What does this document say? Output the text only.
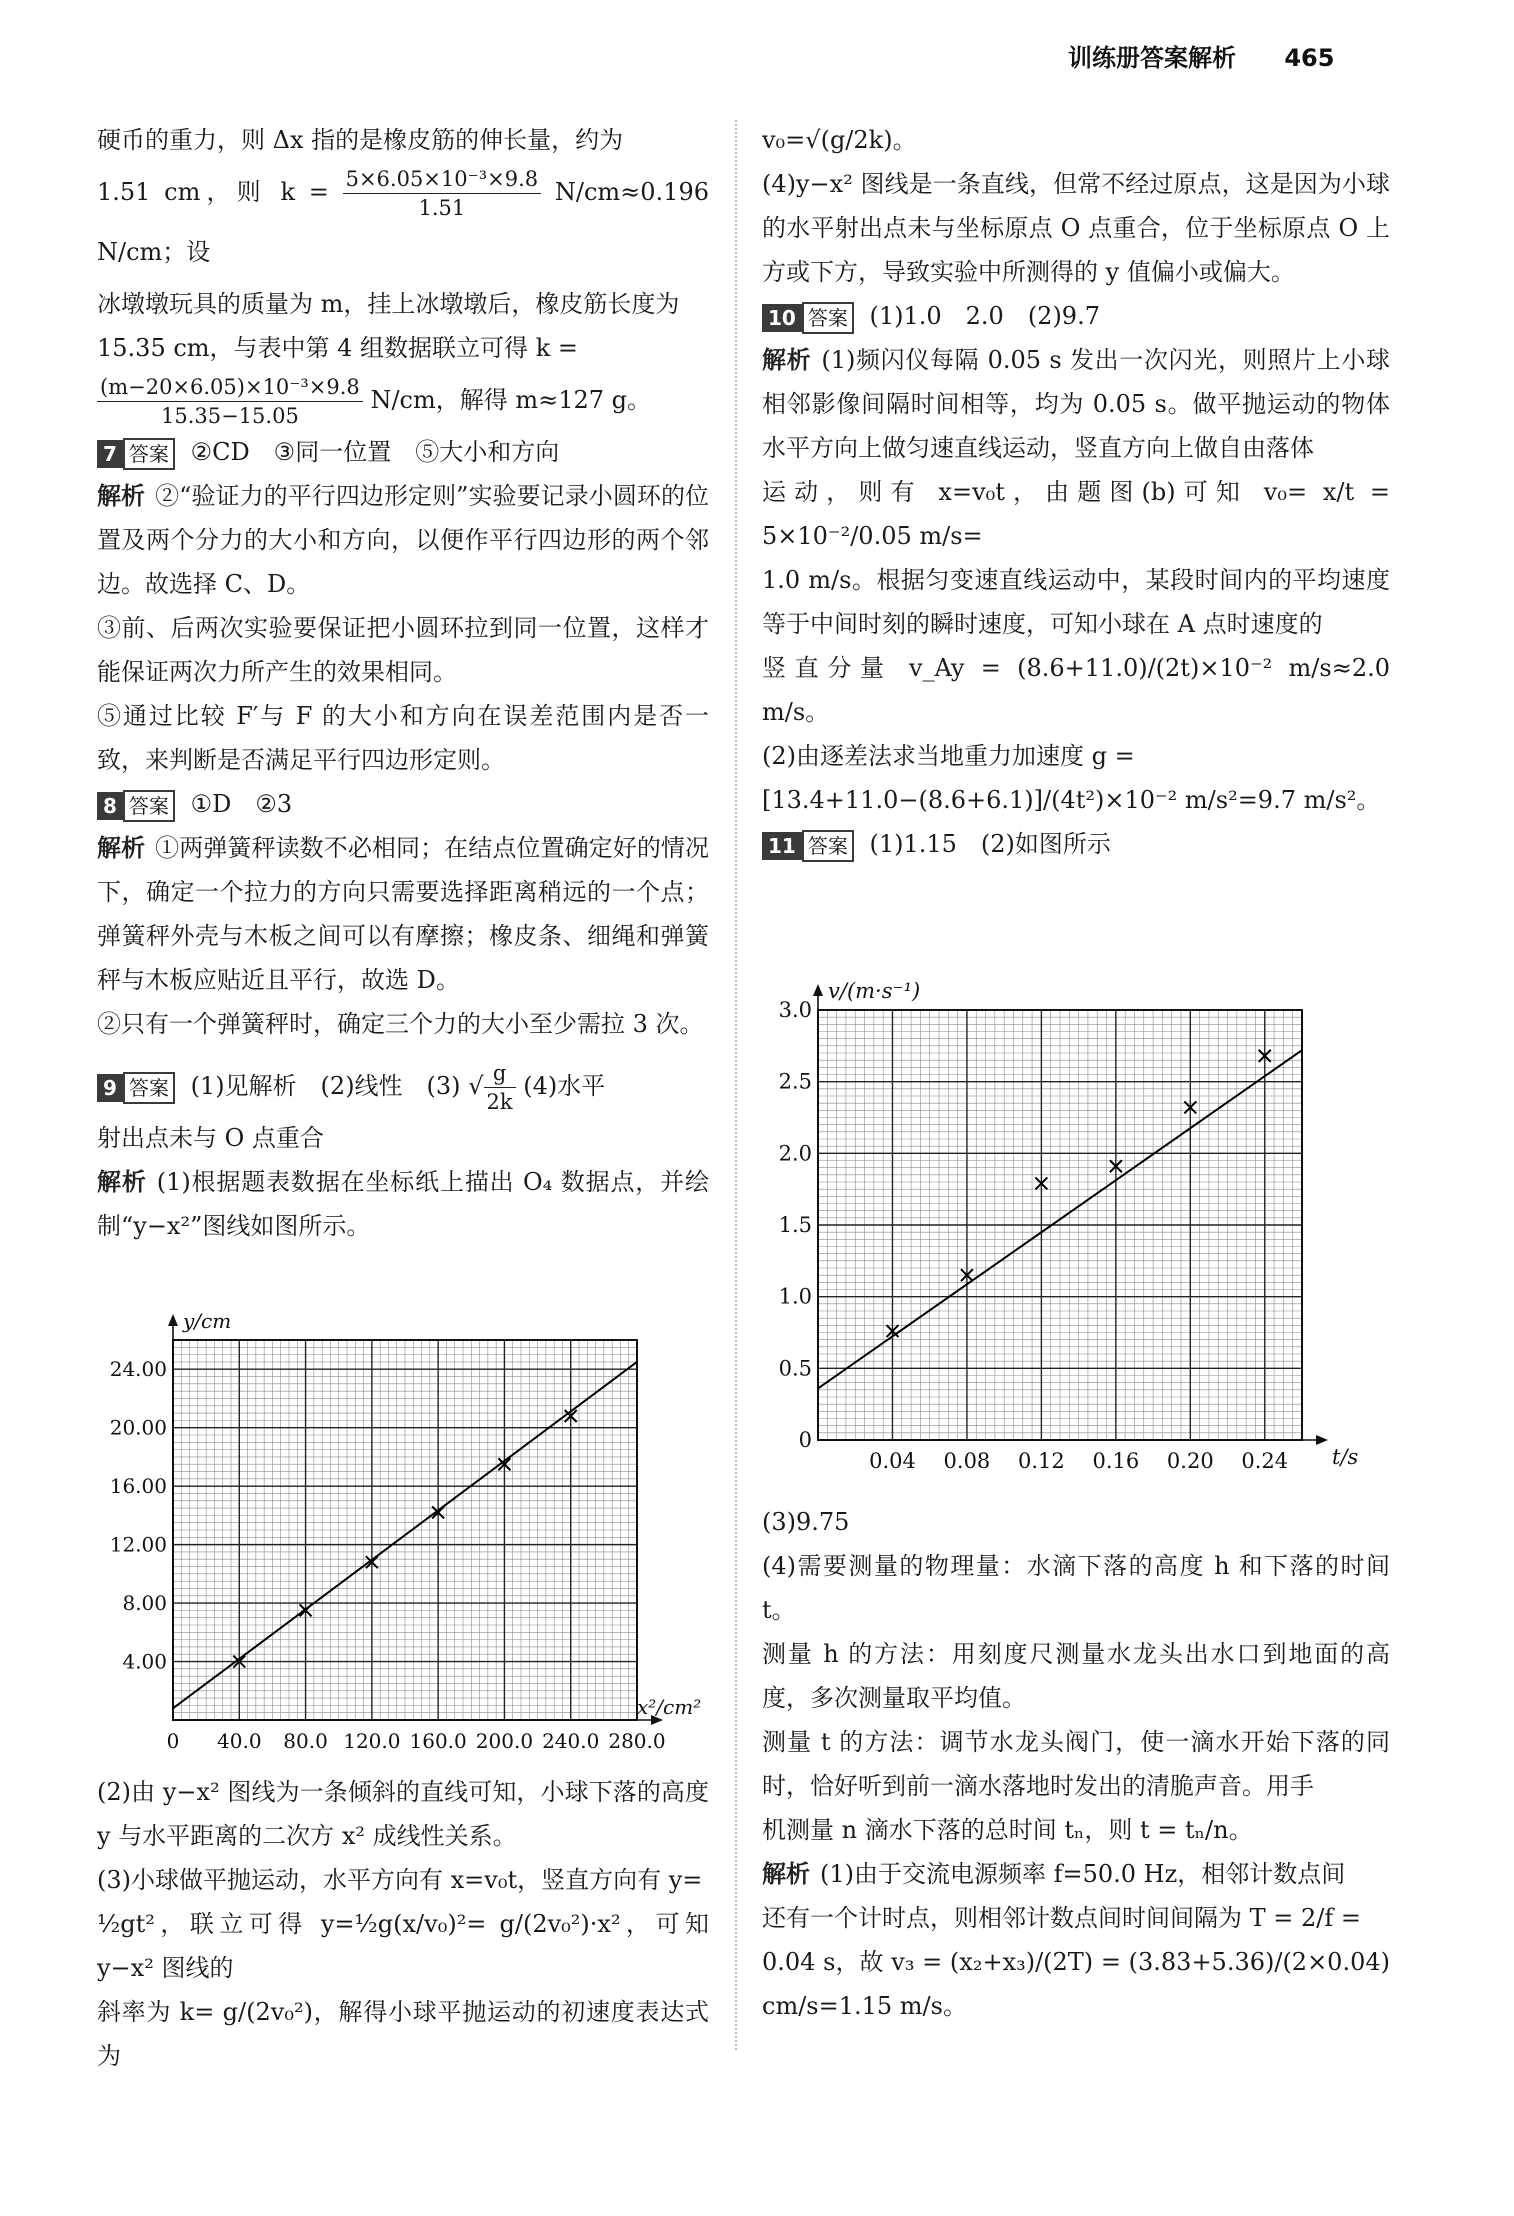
训练册答案解析 465

硬币的重力，则 Δx 指的是橡皮筋的伸长量，约为

1.51 cm，则 $k = \frac{\text{5×6.05×10⁻³×9.8}}{1.51} N/cm\approx 0.196$ N/cm；设

冰墩墩玩具的质量为 m，挂上冰墩墩后，橡皮筋长度为

15.35 cm，与表中第 4 组数据联立可得 k =

$\frac{\text{(m−20×6.05)×10⁻³×9.8}}{15.35-15.05} N/cm$，解得 m≈127 g。

7 答案 ②CD　③同一位置　⑤大小和方向

解析 ②“验证力的平行四边形定则”实验要记录小圆环的位置及两个分力的大小和方向，以便作平行四边形的两个邻边。故选择 C、D。

③前、后两次实验要保证把小圆环拉到同一位置，这样才能保证两次力所产生的效果相同。

⑤通过比较 F′与 F 的大小和方向在误差范围内是否一致，来判断是否满足平行四边形定则。

8 答案 ①D　②3

解析 ①两弹簧秤读数不必相同；在结点位置确定好的情况下，确定一个拉力的方向只需要选择距离稍远的一个点；弹簧秤外壳与木板之间可以有摩擦；橡皮条、细绳和弹簧秤与木板应贴近且平行，故选 D。

②只有一个弹簧秤时，确定三个力的大小至少需拉 3 次。

9 答案 (1)见解析　(2)线性　(3) √ $\frac{g}{2k} (4)$水平

射出点未与 O 点重合

解析 (1)根据题表数据在坐标纸上描出 O₄ 数据点，并绘制“y−x²”图线如图所示。

0 40.0 80.0 120.0 160.0 200.0 240.0 280.0
4.00
8.00
12.00
16.00
20.00
24.00
y/cm
x²/cm²

(2)由 y−x² 图线为一条倾斜的直线可知，小球下落的高度 y 与水平距离的二次方 x² 成线性关系。

(3)小球做平抛运动，水平方向有 x=v₀t，竖直方向有 y=

½gt²，联立可得 y=½g(x/v₀)²= g/(2v₀²)·x²，可知 y−x² 图线的

斜率为 k= g/(2v₀²)，解得小球平抛运动的初速度表达式为

v₀=√(g/2k)。

(4)y−x² 图线是一条直线，但常不经过原点，这是因为小球的水平射出点未与坐标原点 O 点重合，位于坐标原点 O 上方或下方，导致实验中所测得的 y 值偏小或偏大。

10 答案 (1)1.0　2.0　(2)9.7

解析 (1)频闪仪每隔 0.05 s 发出一次闪光，则照片上小球相邻影像间隔时间相等，均为 0.05 s。做平抛运动的物体水平方向上做匀速直线运动，竖直方向上做自由落体

运动，则有 x=v₀t，由题图(b)可知 v₀= x/t = 5×10⁻²/0.05 m/s=

1.0 m/s。根据匀变速直线运动中，某段时间内的平均速度等于中间时刻的瞬时速度，可知小球在 A 点时速度的

竖直分量 v_Ay = (8.6+11.0)/(2t)×10⁻² m/s≈2.0 m/s。

(2)由逐差法求当地重力加速度 g =

[13.4+11.0−(8.6+6.1)]/(4t²)×10⁻² m/s²=9.7 m/s²。

11 答案 (1)1.15　(2)如图所示

0.04 0.08 0.12 0.16 0.20 0.24
0
0.5
1.0
1.5
2.0
2.5
3.0
v/(m·s⁻¹)
t/s

(3)9.75

(4)需要测量的物理量：水滴下落的高度 h 和下落的时间 t。

测量 h 的方法：用刻度尺测量水龙头出水口到地面的高度，多次测量取平均值。

测量 t 的方法：调节水龙头阀门，使一滴水开始下落的同时，恰好听到前一滴水落地时发出的清脆声音。用手

机测量 n 滴水下落的总时间 tₙ，则 t = tₙ/n。

解析 (1)由于交流电源频率 f=50.0 Hz，相邻计数点间

还有一个计时点，则相邻计数点间时间间隔为 T = 2/f =

0.04 s，故 v₃ = (x₂+x₃)/(2T) = (3.83+5.36)/(2×0.04) cm/s=1.15 m/s。
